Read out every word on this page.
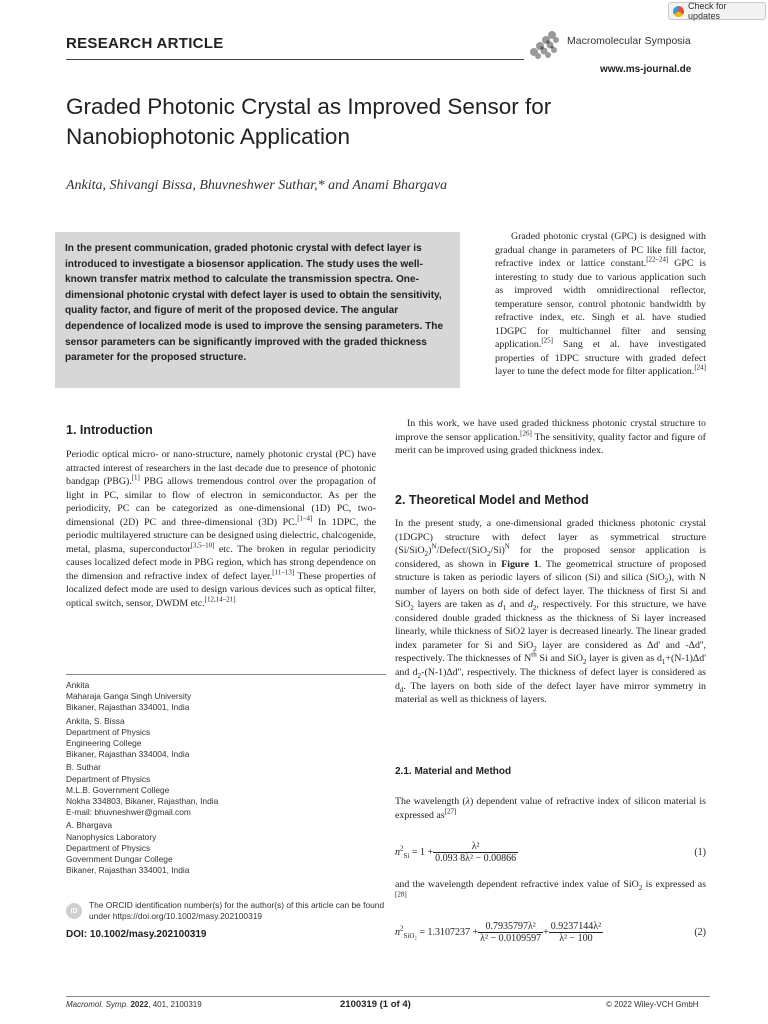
Check for updates
RESEARCH ARTICLE	Macromolecular Symposia
www.ms-journal.de
Graded Photonic Crystal as Improved Sensor for
Nanobiophotonic Application
Ankita, Shivangi Bissa, Bhuvneshwer Suthar,* and Anami Bhargava
In the present communication, graded photonic crystal with defect layer is introduced to investigate a biosensor application. The study uses the well-known transfer matrix method to calculate the transmission spectra. One-dimensional photonic crystal with defect layer is used to obtain the sensitivity, quality factor, and figure of merit of the proposed device. The angular dependence of localized mode is used to improve the sensing parameters. The sensor parameters can be significantly improved with the graded thickness parameter for the proposed structure.
Graded photonic crystal (GPC) is designed with gradual change in parameters of PC like fill factor, refractive index or lattice constant.[22–24] GPC is interesting to study due to various application such as improved width omnidirectional reflector, temperature sensor, control photonic bandwidth by refractive index, etc. Singh et al. have studied 1DGPC for multichannel filter and sensing application.[25] Sang et al. have investigated properties of 1DPC structure with graded defect layer to tune the defect mode for filter application.[24]
In this work, we have used graded thickness photonic crystal structure to improve the sensor application.[26] The sensitivity, quality factor and figure of merit can be improved using graded thickness index.
1. Introduction
Periodic optical micro- or nano-structure, namely photonic crystal (PC) have attracted interest of researchers in the last decade due to presence of photonic bandgap (PBG).[1] PBG allows tremendous control over the propagation of light in PC, similar to flow of electron in semiconductor. As per the periodicity, PC can be categorized as one-dimensional (1D) PC, two-dimensional (2D) PC and three-dimensional (3D) PC.[1–4] In 1DPC, the periodic multilayered structure can be designed using dielectric, chalcogenide, metal, plasma, superconductor[3,5–10] etc. The broken in regular periodicity causes localized defect mode in PBG region, which has strong dependence on the dimension and refractive index of defect layer.[11–13] These properties of localized defect mode are used to design various devices such as optical filter, optical switch, sensor, DWDM etc.[12,14–21]
2. Theoretical Model and Method
In the present study, a one-dimensional graded thickness photonic crystal (1DGPC) structure with defect layer as symmetrical structure $(Si/SiO_2)^N/Defect/(SiO_2/Si)^N$ for the proposed sensor application is considered, as shown in Figure 1. The geometrical structure of proposed structure is taken as periodic layers of silicon (Si) and silica (SiO$_2$), with N number of layers on both side of defect layer. The thickness of first Si and SiO$_2$ layers are taken as $d_1$ and $d_2$, respectively. For this structure, we have considered double graded thickness as the thickness of Si layer increased linearly, while thickness of SiO2 layer is decreased linearly. The linear graded index parameter for Si and SiO$_2$ layer are considered as Δd' and -Δd'', respectively. The thicknesses of $N^{th}$ Si and SiO$_2$ layer is given as $d_1+(N-1)\Delta d'$ and $d_2-(N-1)\Delta d''$, respectively. The thickness of defect layer is considered as $d_d$. The layers on both side of the defect layer have mirror symmetry in material as well as thickness of layers.
2.1. Material and Method
The wavelength (λ) dependent value of refractive index of silicon material is expressed as[27]
$n^2_{Si} = 1 + \frac{\text{λ²}}{\text{0.093 8λ² − 0.00866}}$	(1)
and the wavelength dependent refractive index value of SiO$_2$ is expressed as [28]
$n^2_{SiO_2} = 1.3107237 + \frac{\text{0.7935797λ²}}{\text{λ² − 0.0109597}} + \frac{\text{0.9237144λ²}}{\text{λ² − 100}}$	(2)

Ankita
Maharaja Ganga Singh University
Bikaner, Rajasthan 334001, India

Ankita, S. Bissa
Department of Physics
Engineering College
Bikaner, Rajasthan 334004, India

B. Suthar
Department of Physics
M.L.B. Government College
Nokha 334803, Bikaner, Rajasthan, India
E-mail: bhuvneshwer@gmail.com

A. Bhargava
Nanophysics Laboratory
Department of Physics
Government Dungar College
Bikaner, Rajasthan 334001, India

iD
The ORCID identification number(s) for the author(s) of this article can be found under https://doi.org/10.1002/masy.202100319
DOI: 10.1002/masy.202100319
Macromol. Symp. 2022, 401, 2100319	2100319 (1 of 4)	© 2022 Wiley-VCH GmbH
